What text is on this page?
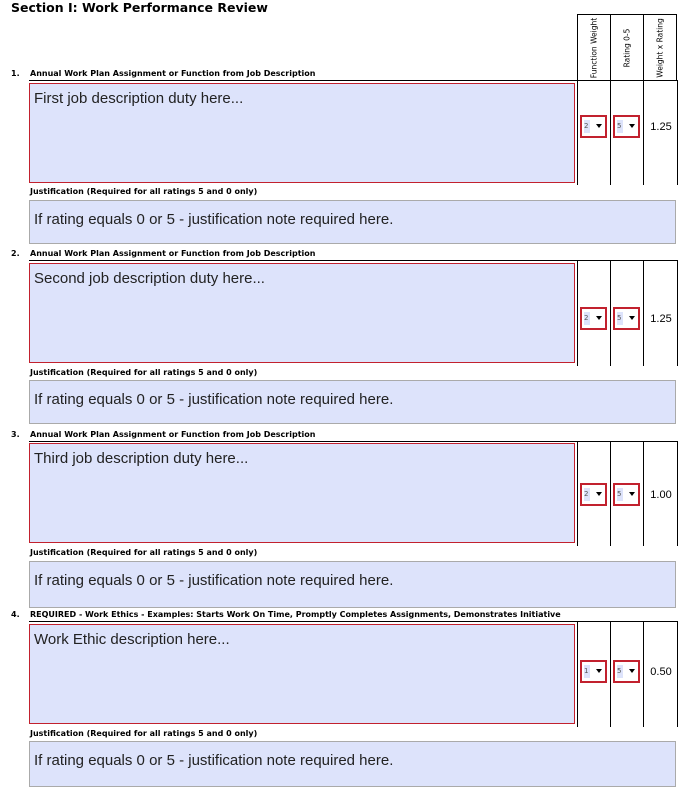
Section I: Work Performance Review
Function Weight	Rating 0-5	Weight x Rating
1. Annual Work Plan Assignment or Function from Job Description
First job description duty here...
2	5	1.25
Justification (Required for all ratings 5 and 0 only)
If rating equals 0 or 5 - justification note required here.
2. Annual Work Plan Assignment or Function from Job Description
Second job description duty here...
2	5	1.25
Justification (Required for all ratings 5 and 0 only)
If rating equals 0 or 5 - justification note required here.
3. Annual Work Plan Assignment or Function from Job Description
Third job description duty here...
2	5	1.00
Justification (Required for all ratings 5 and 0 only)
If rating equals 0 or 5 - justification note required here.
4. REQUIRED - Work Ethics - Examples: Starts Work On Time, Promptly Completes Assignments, Demonstrates Initiative
Work Ethic description here...
1	5	0.50
Justification (Required for all ratings 5 and 0 only)
If rating equals 0 or 5 - justification note required here.
